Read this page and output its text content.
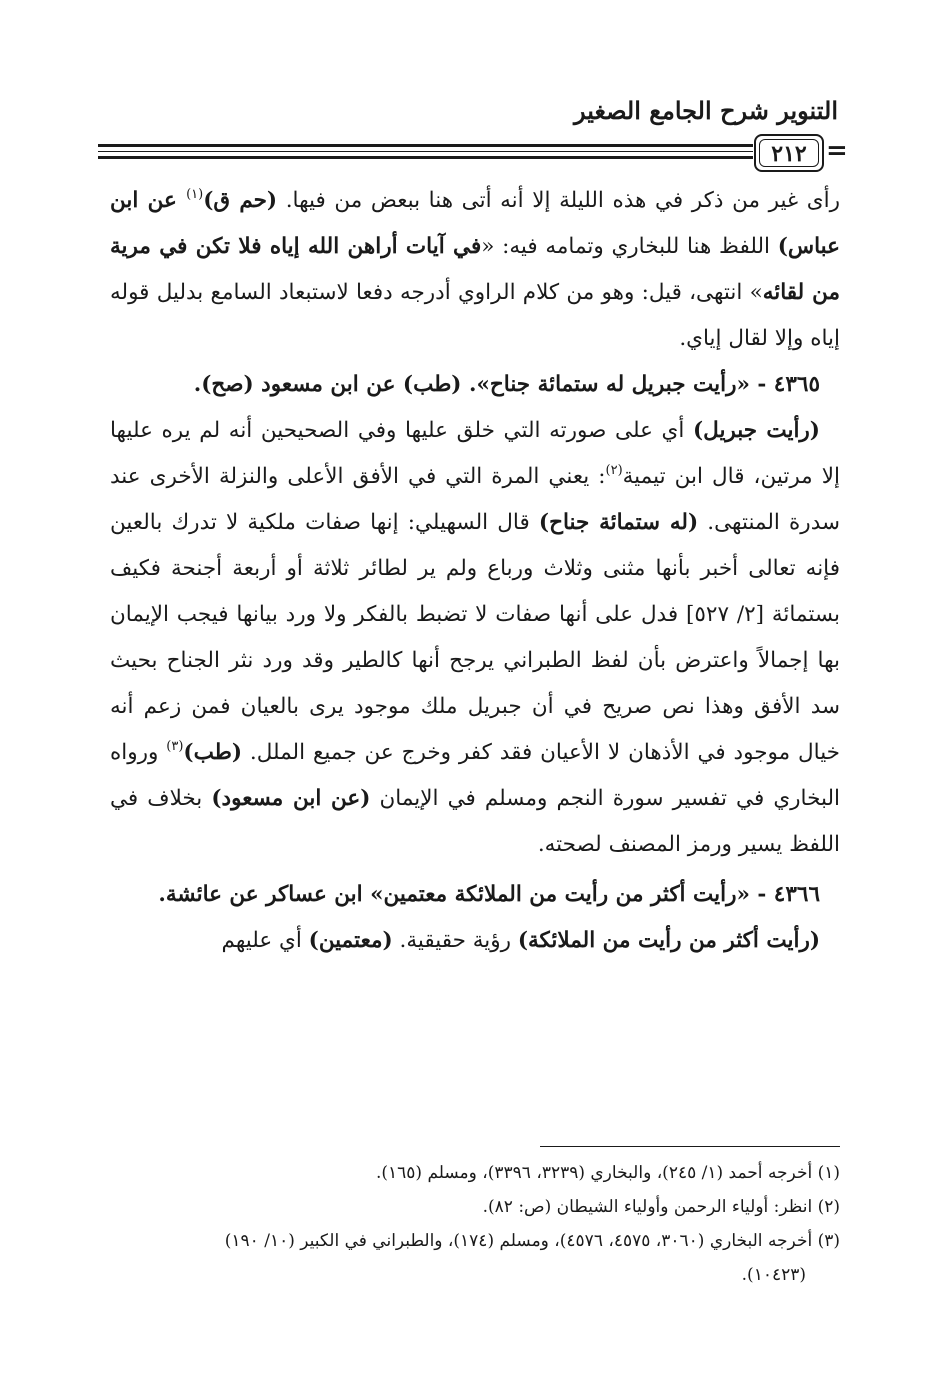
التنوير شرح الجامع الصغير
٢١٢ =

رأى غير من ذكر في هذه الليلة إلا أنه أتى هنا ببعض من فيها. (حم ق)$^{(١)}$ عن ابن عباس) اللفظ هنا للبخاري وتمامه فيه: «في آيات أراهن الله إياه فلا تكن في مرية من لقائه» انتهى، قيل: وهو من كلام الراوي أدرجه دفعا لاستبعاد السامع بدليل قوله إياه وإلا لقال إياي.

٤٣٦٥ - «رأيت جبريل له ستمائة جناح». (طب) عن ابن مسعود (صح).

(رأيت جبريل) أي على صورته التي خلق عليها وفي الصحيحين أنه لم يره عليها إلا مرتين، قال ابن تيمية$^{(٢)}$: يعني المرة التي في الأفق الأعلى والنزلة الأخرى عند سدرة المنتهى. (له ستمائة جناح) قال السهيلي: إنها صفات ملكية لا تدرك بالعين فإنه تعالى أخبر بأنها مثنى وثلاث ورباع ولم ير لطائر ثلاثة أو أربعة أجنحة فكيف بستمائة [٢/ ٥٢٧] فدل على أنها صفات لا تضبط بالفكر ولا ورد بيانها فيجب الإيمان بها إجمالاً واعترض بأن لفظ الطبراني يرجح أنها كالطير وقد ورد نثر الجناح بحيث سد الأفق وهذا نص صريح في أن جبريل ملك موجود يرى بالعيان فمن زعم أنه خيال موجود في الأذهان لا الأعيان فقد كفر وخرج عن جميع الملل. (طب)$^{(٣)}$ ورواه البخاري في تفسير سورة النجم ومسلم في الإيمان (عن ابن مسعود) بخلاف في اللفظ يسير ورمز المصنف لصحته.

٤٣٦٦ - «رأيت أكثر من رأيت من الملائكة معتمين» ابن عساكر عن عائشة.

(رأيت أكثر من رأيت من الملائكة) رؤية حقيقية. (معتمين) أي عليهم

(١) أخرجه أحمد (١/ ٢٤٥)، والبخاري (٣٢٣٩، ٣٣٩٦)، ومسلم (١٦٥).

(٢) انظر: أولياء الرحمن وأولياء الشيطان (ص: ٨٢).

(٣) أخرجه البخاري (٣٠٦٠، ٤٥٧٥، ٤٥٧٦)، ومسلم (١٧٤)، والطبراني في الكبير (١٠/ ١٩٠)

(١٠٤٢٣).
